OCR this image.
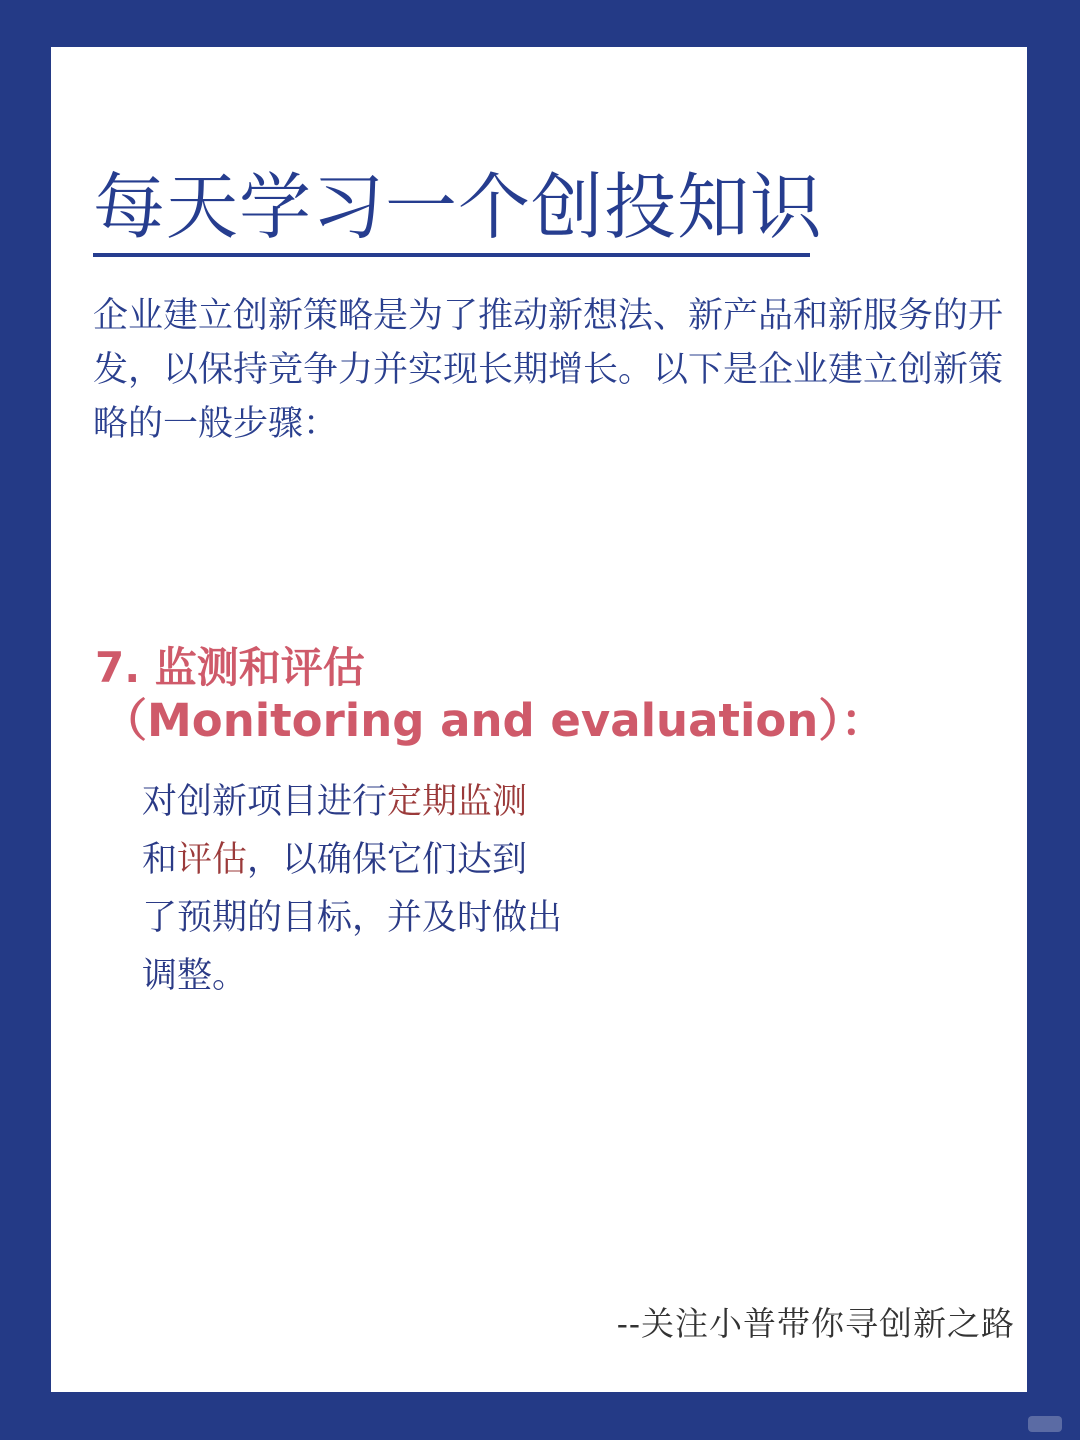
每天学习一个创投知识

企业建立创新策略是为了推动新想法、新产品和新服务的开发，以保持竞争力并实现长期增长。以下是企业建立创新策略的一般步骤：

7. 监测和评估
（Monitoring and evaluation）：

对创新项目进行定期监测和评估，以确保它们达到了预期的目标，并及时做出调整。

--关注小普带你寻创新之路
